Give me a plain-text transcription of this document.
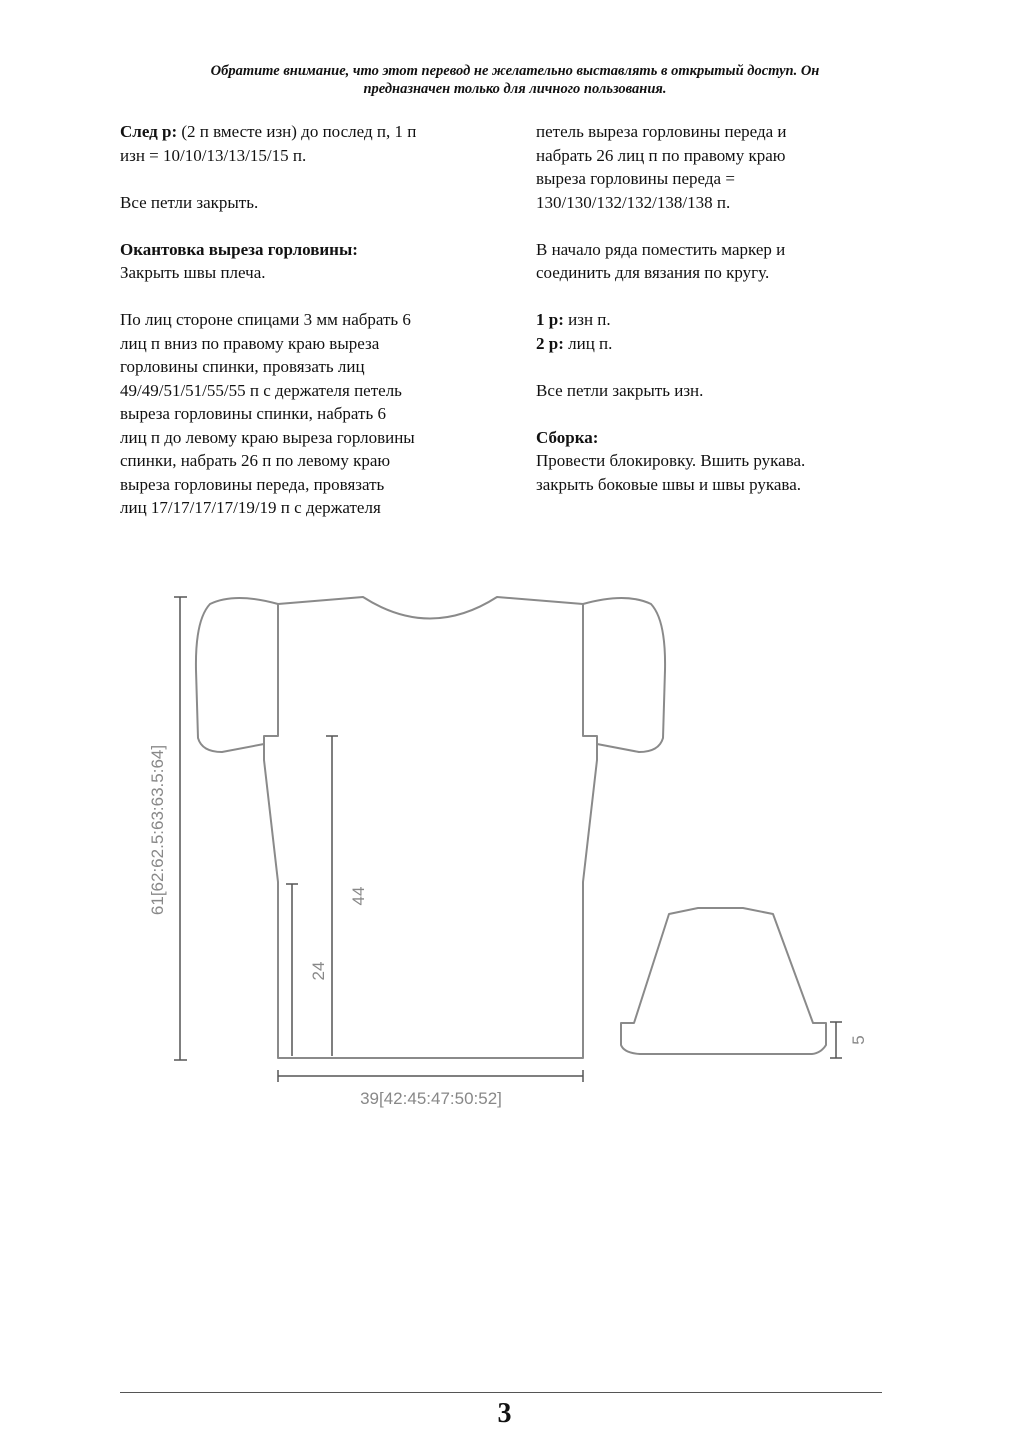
Обратите внимание, что этот перевод не желательно выставлять в открытый доступ. Он
предназначен только для личного пользования.

След р: (2 п вместе изн) до послед п, 1 п
изн = 10/10/13/13/15/15 п.

Все петли закрыть.

Окантовка выреза горловины:
Закрыть швы плеча.

По лиц стороне спицами 3 мм набрать 6
лиц п вниз по правому краю выреза
горловины спинки, провязать лиц
49/49/51/51/55/55 п с держателя петель
выреза горловины спинки, набрать 6
лиц п до левому краю выреза горловины
спинки, набрать 26 п по левому краю
выреза горловины переда, провязать
лиц 17/17/17/17/19/19 п с держателя

петель выреза горловины переда и
набрать 26 лиц п по правому краю
выреза горловины переда =
130/130/132/132/138/138 п.

В начало ряда поместить маркер и
соединить для вязания по кругу.

1 р: изн п.
2 р: лиц п.

Все петли закрыть изн.

Сборка:
Провести блокировку. Вшить рукава.
закрыть боковые швы и швы рукава.

61[62:62.5:63:63.5:64]	44
24
39[42:45:47:50:52]
5
3
